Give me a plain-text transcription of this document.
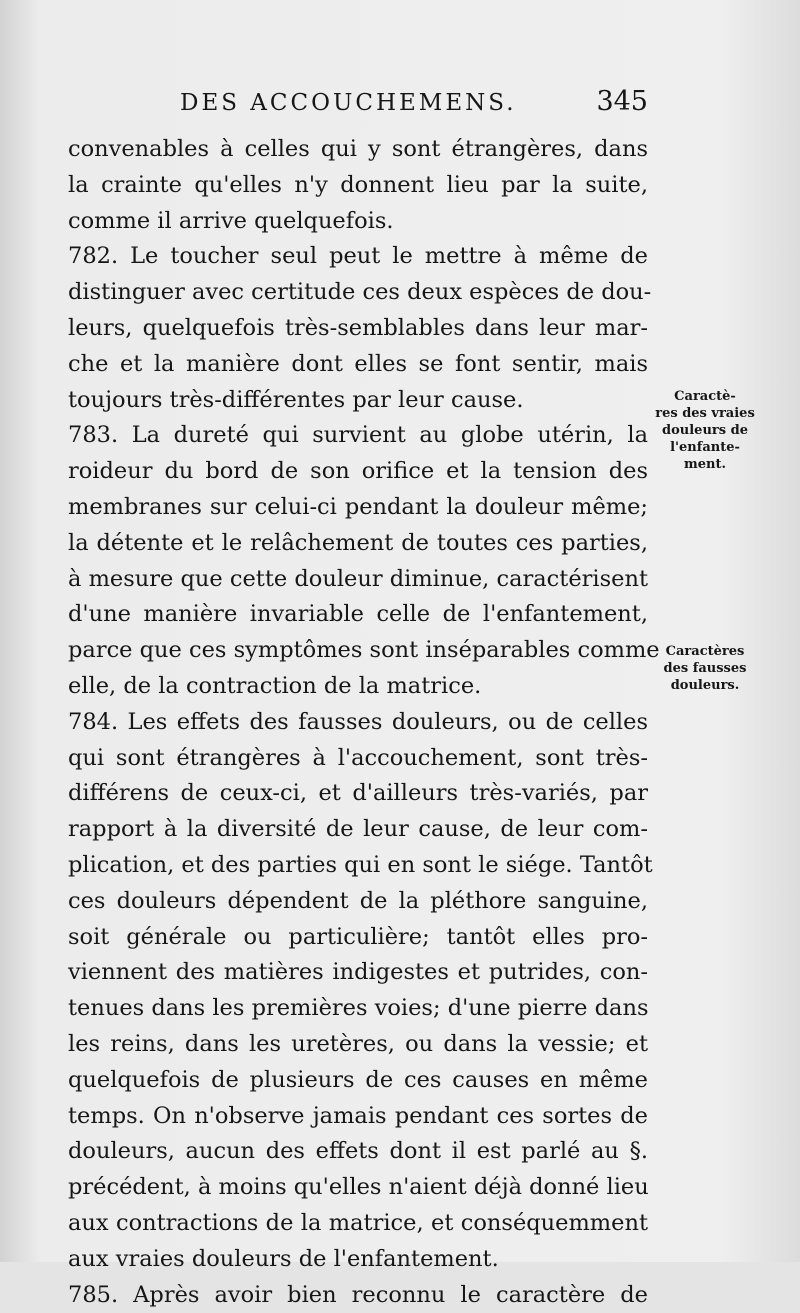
DES ACCOUCHEMENS.	345
convenables à celles qui y sont étrangères, dans
la crainte qu'elles n'y donnent lieu par la suite,
comme il arrive quelquefois.
782. Le toucher seul peut le mettre à même de
distinguer avec certitude ces deux espèces de dou-
leurs, quelquefois très-semblables dans leur mar-
che et la manière dont elles se font sentir, mais
toujours très-différentes par leur cause.
783. La dureté qui survient au globe utérin, la
roideur du bord de son orifice et la tension des
membranes sur celui-ci pendant la douleur même;
la détente et le relâchement de toutes ces parties,
à mesure que cette douleur diminue, caractérisent
d'une manière invariable celle de l'enfantement,
parce que ces symptômes sont inséparables comme
elle, de la contraction de la matrice.
784. Les effets des fausses douleurs, ou de celles
qui sont étrangères à l'accouchement, sont très-
différens de ceux-ci, et d'ailleurs très-variés, par
rapport à la diversité de leur cause, de leur com-
plication, et des parties qui en sont le siége. Tantôt
ces douleurs dépendent de la pléthore sanguine,
soit générale ou particulière; tantôt elles pro-
viennent des matières indigestes et putrides, con-
tenues dans les premières voies; d'une pierre dans
les reins, dans les uretères, ou dans la vessie; et
quelquefois de plusieurs de ces causes en même
temps. On n'observe jamais pendant ces sortes de
douleurs, aucun des effets dont il est parlé au §.
précédent, à moins qu'elles n'aient déjà donné lieu
aux contractions de la matrice, et conséquemment
aux vraies douleurs de l'enfantement.
785. Après avoir bien reconnu le caractère de
Caractè-
res des vraies
douleurs de
l'enfante-
ment.
Caractères
des fausses
douleurs.
